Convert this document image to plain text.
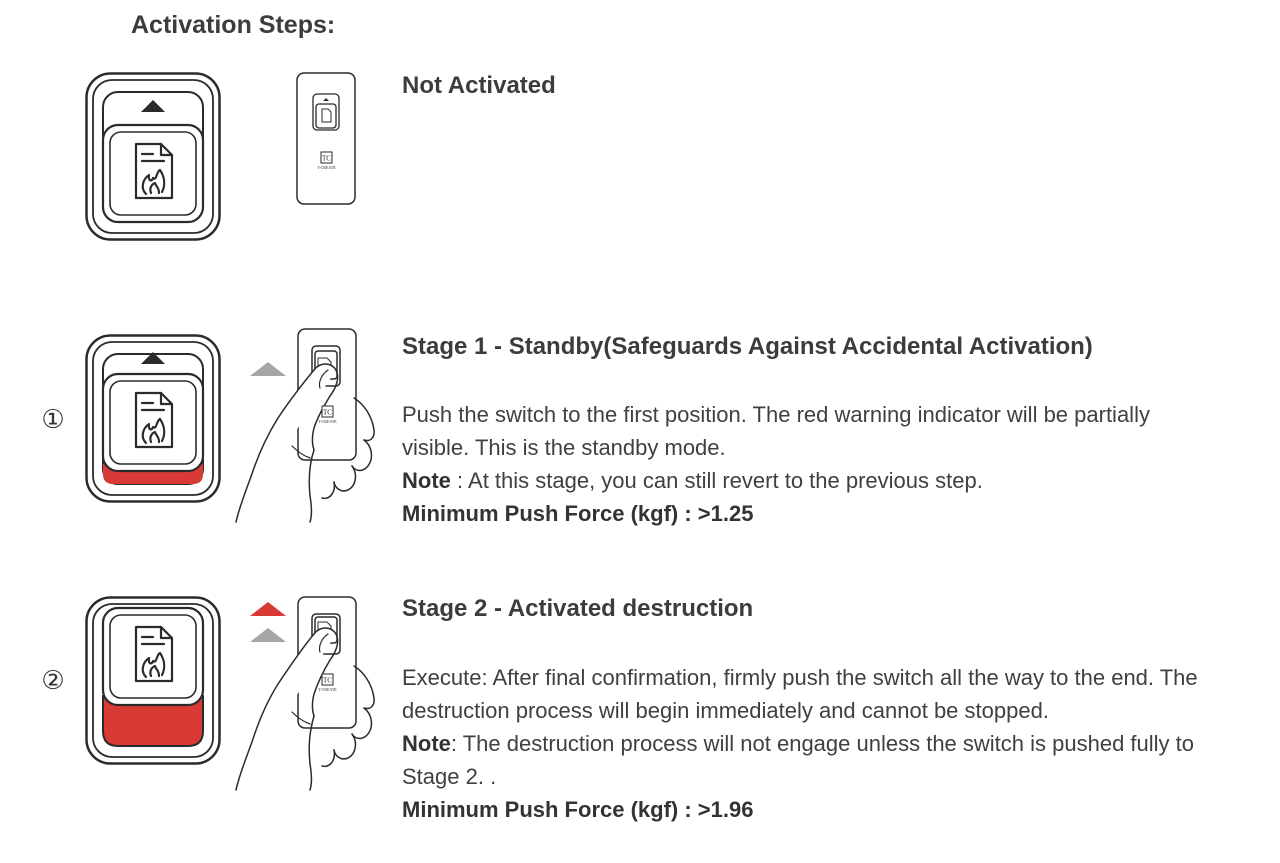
Activation Steps:
TC
T-CREATE
Not Activated
①	TC
T-CREATE
Stage 1 - Standby(Safeguards Against Accidental Activation)
Push the switch to the first position. The red warning indicator will be partially visible. This is the standby mode.
Note : At this stage, you can still revert to the previous step.
Minimum Push Force (kgf) : >1.25
②	TC
T-CREATE
Stage 2 - Activated destruction
Execute: After final confirmation, firmly push the switch all the way to the end. The destruction process will begin immediately and cannot be stopped.
Note: The destruction process will not engage unless the switch is pushed fully to Stage 2. .
Minimum Push Force (kgf) : >1.96
